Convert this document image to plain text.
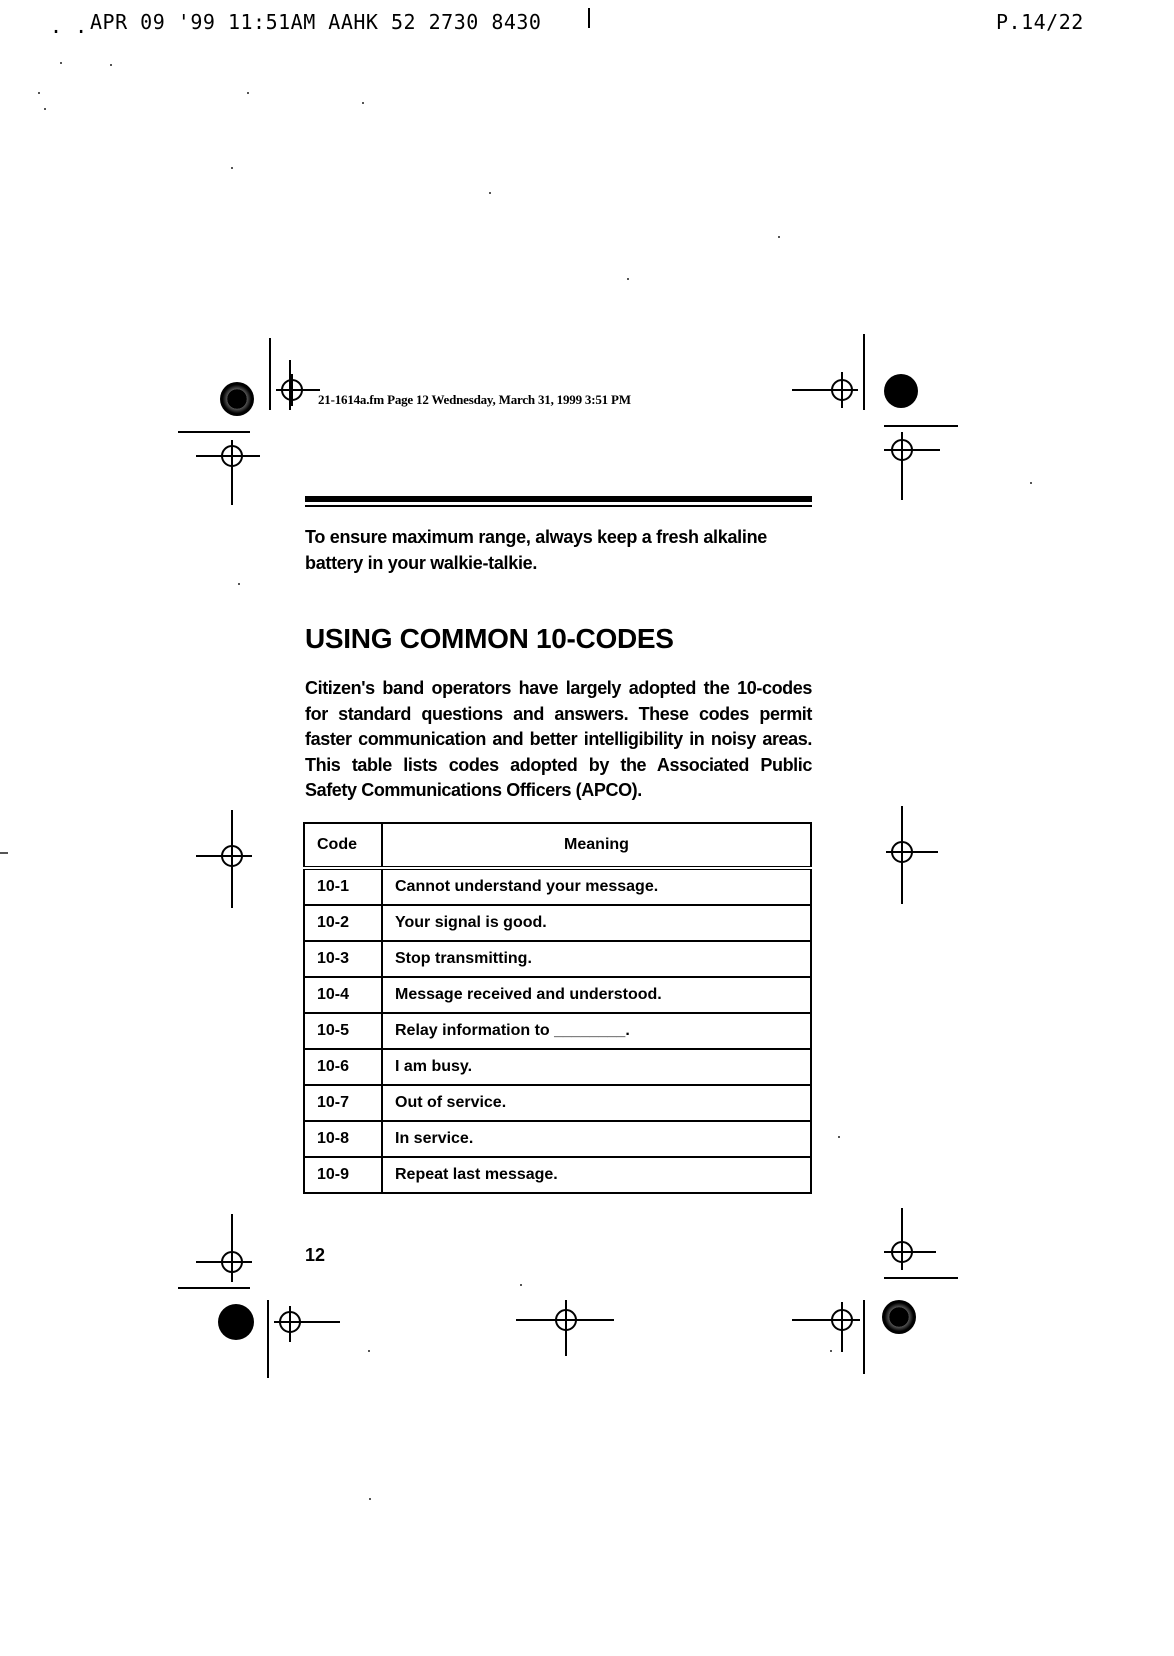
. . APR 09 '99 11:51AM AAHK 52 2730 8430	P.14/22
21-1614a.fm Page 12 Wednesday, March 31, 1999 3:51 PM

To ensure maximum range, always keep a fresh alkaline battery in your walkie-talkie.

USING COMMON 10-CODES

Citizen's band operators have largely adopted the 10-codes for standard questions and answers. These codes permit faster communication and better intelligibility in noisy areas. This table lists codes adopted by the Associated Public Safety Communications Officers (APCO).

Code	Meaning
10-1	Cannot understand your message.
10-2	Your signal is good.
10-3	Stop transmitting.
10-4	Message received and understood.
10-5	Relay information to ________.
10-6	I am busy.
10-7	Out of service.
10-8	In service.
10-9	Repeat last message.
12
